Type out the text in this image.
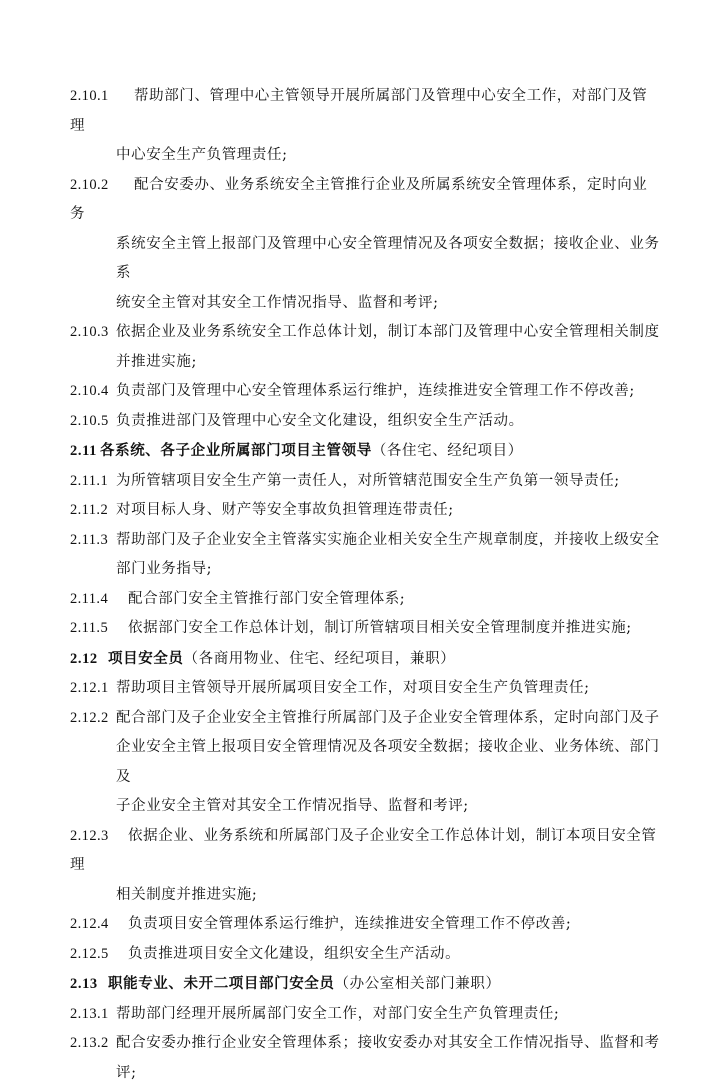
2.10.1 帮助部门、管理中心主管领导开展所属部门及管理中心安全工作，对部门及管理
中心安全生产负管理责任;

2.10.2 配合安委办、业务系统安全主管推行企业及所属系统安全管理体系，定时向业务
系统安全主管上报部门及管理中心安全管理情况及各项安全数据；接收企业、业务系
统安全主管对其安全工作情况指导、监督和考评;

2.10.3 依据企业及业务系统安全工作总体计划，制订本部门及管理中心安全管理相关制度
并推进实施;

2.10.4 负责部门及管理中心安全管理体系运行维护，连续推进安全管理工作不停改善;

2.10.5 负责推进部门及管理中心安全文化建设，组织安全生产活动。

2.11 各系统、各子企业所属部门项目主管领导（各住宅、经纪项目）

2.11.1 为所管辖项目安全生产第一责任人，对所管辖范围安全生产负第一领导责任;

2.11.2 对项目标人身、财产等安全事故负担管理连带责任;

2.11.3 帮助部门及子企业安全主管落实实施企业相关安全生产规章制度，并接收上级安全
部门业务指导;

2.11.4 配合部门安全主管推行部门安全管理体系;

2.11.5 依据部门安全工作总体计划，制订所管辖项目相关安全管理制度并推进实施;

2.12 项目安全员（各商用物业、住宅、经纪项目，兼职）

2.12.1 帮助项目主管领导开展所属项目安全工作，对项目安全生产负管理责任;

2.12.2 配合部门及子企业安全主管推行所属部门及子企业安全管理体系，定时向部门及子
企业安全主管上报项目安全管理情况及各项安全数据；接收企业、业务体统、部门及
子企业安全主管对其安全工作情况指导、监督和考评;

2.12.3 依据企业、业务系统和所属部门及子企业安全工作总体计划，制订本项目安全管理
相关制度并推进实施;

2.12.4 负责项目安全管理体系运行维护，连续推进安全管理工作不停改善;

2.12.5 负责推进项目安全文化建设，组织安全生产活动。

2.13 职能专业、未开二项目部门安全员（办公室相关部门兼职）

2.13.1 帮助部门经理开展所属部门安全工作，对部门安全生产负管理责任;

2.13.2 配合安委办推行企业安全管理体系；接收安委办对其安全工作情况指导、监督和考
评;
